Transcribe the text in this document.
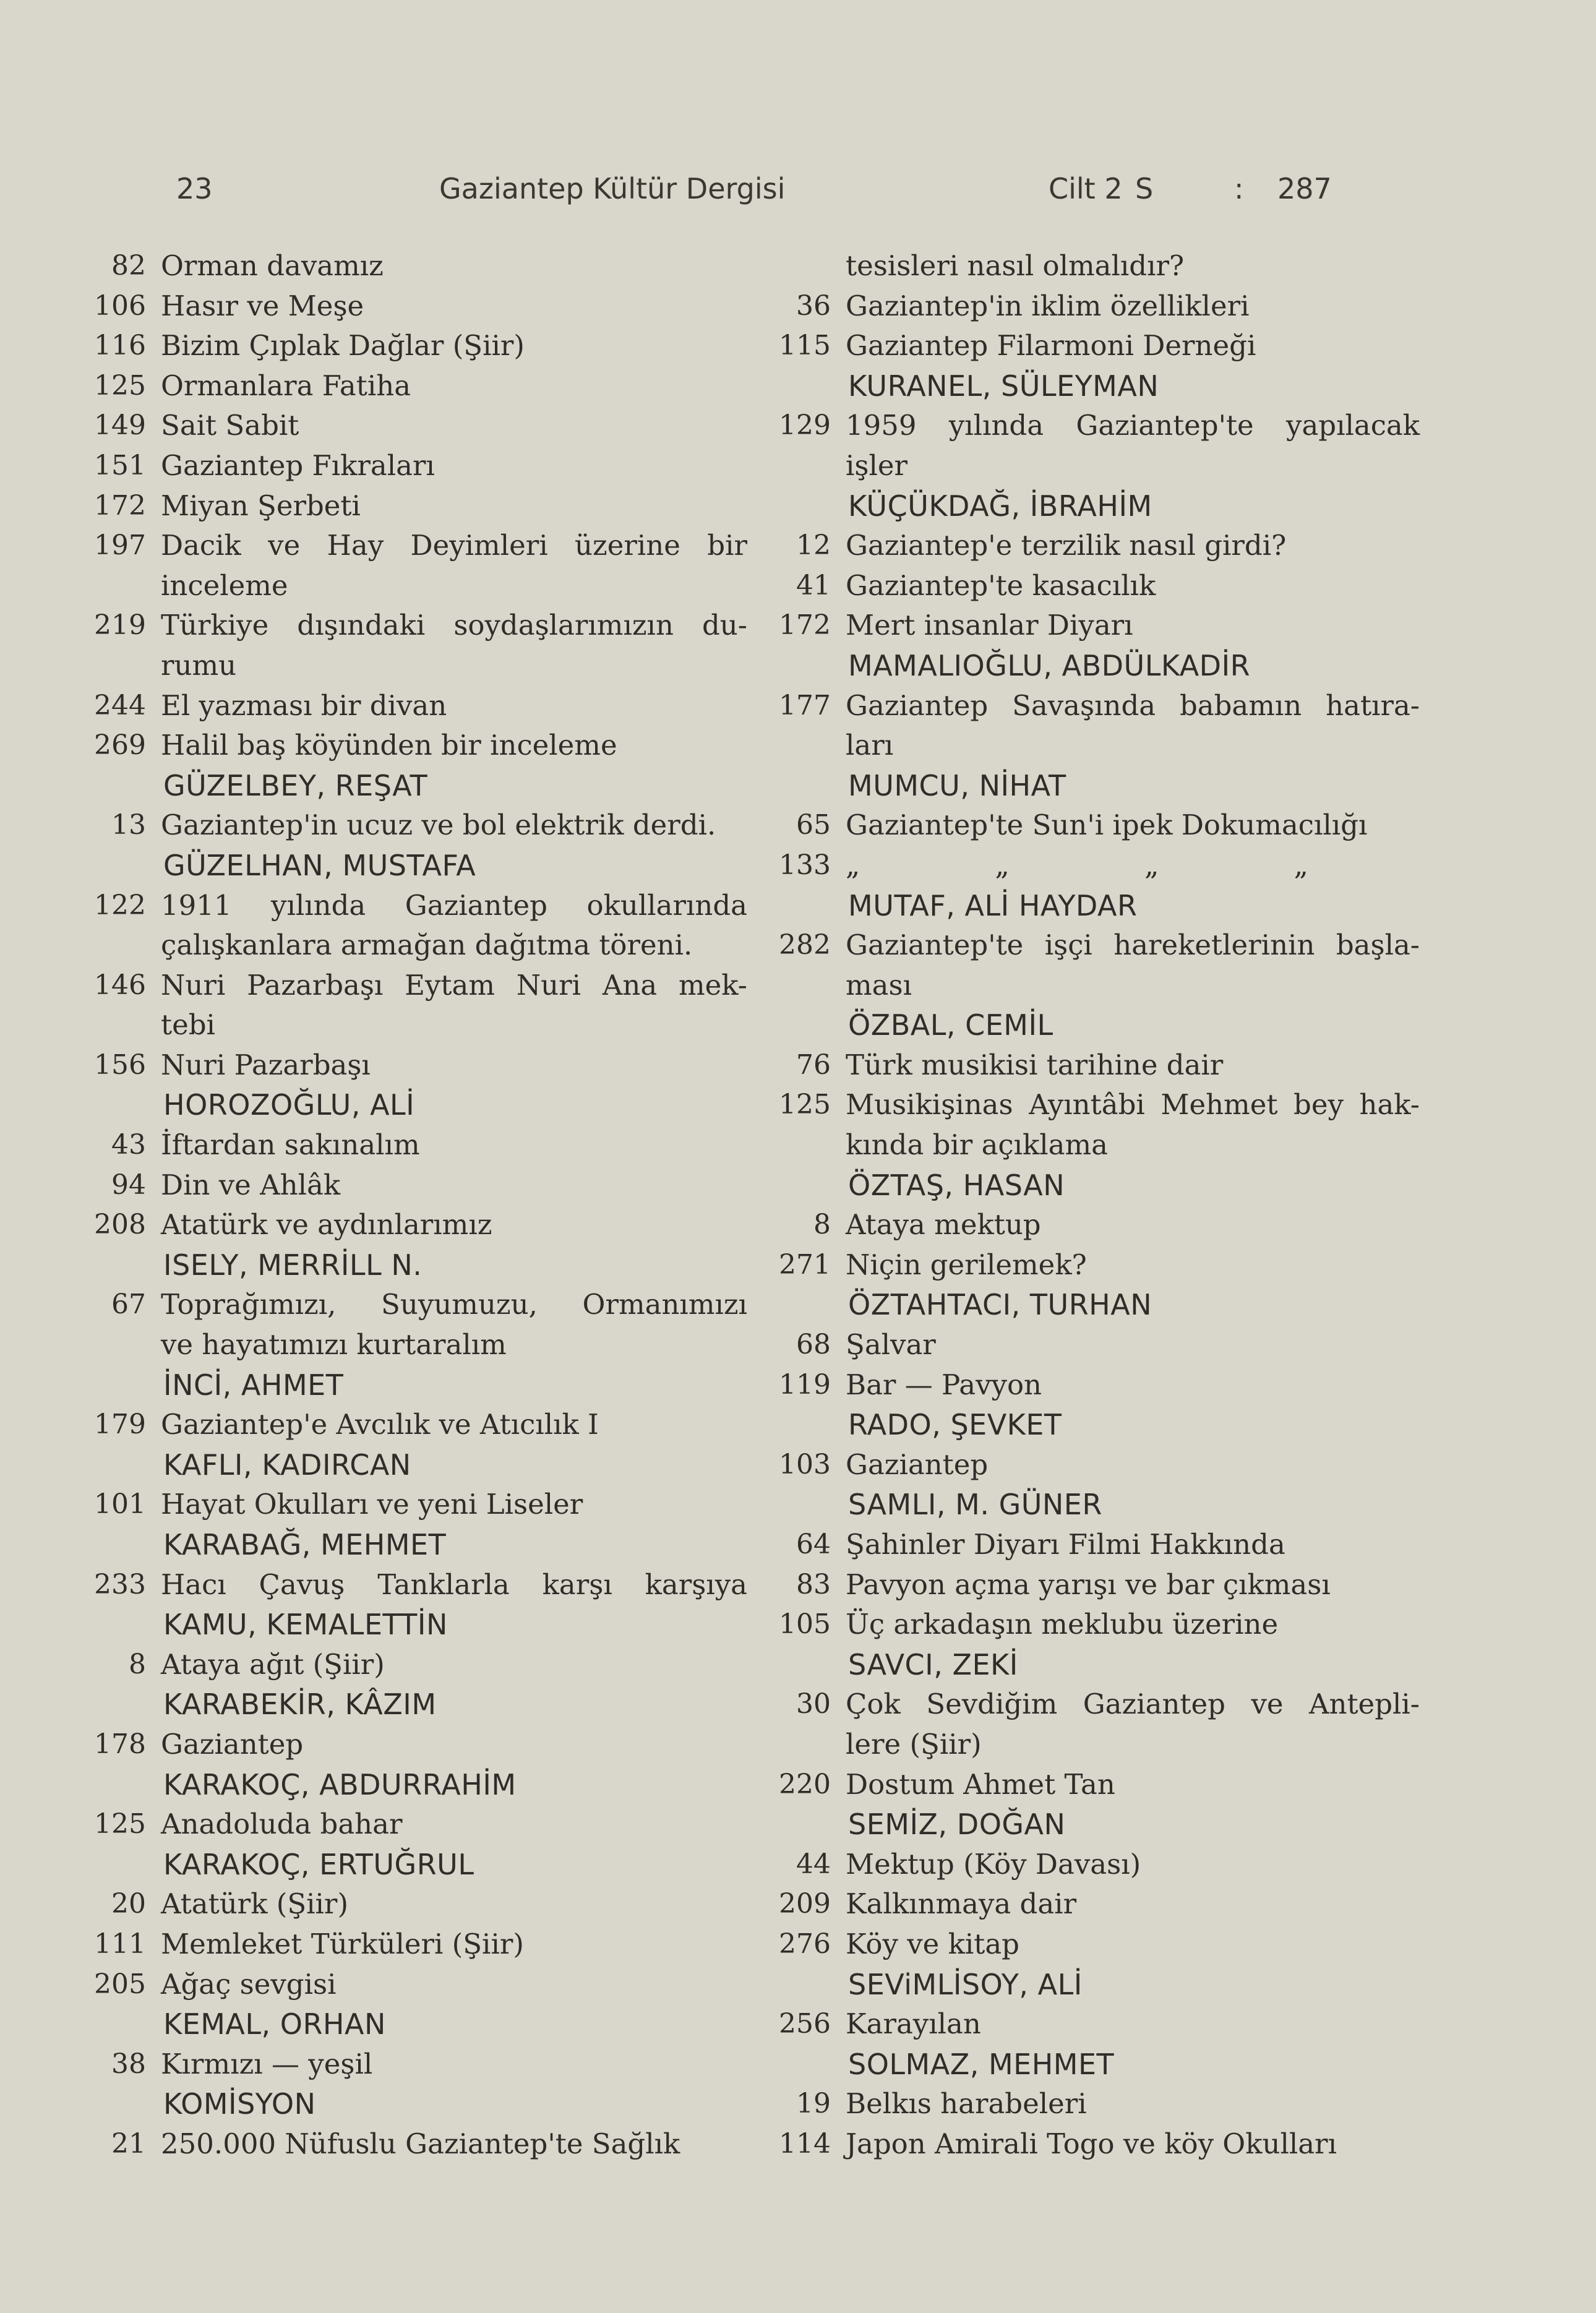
23	Gaziantep Kültür Dergisi	Cilt 2 S	: 287
82 Orman davamız
106 Hasır ve Meşe
116 Bizim Çıplak Dağlar (Şiir)
125 Ormanlara Fatiha
149 Sait Sabit
151 Gaziantep Fıkraları
172 Miyan Şerbeti
197 Dacik ve Hay Deyimleri üzerine bir
inceleme
219 Türkiye dışındaki soydaşlarımızın du-
rumu
244 El yazması bir divan
269 Halil baş köyünden bir inceleme
GÜZELBEY, REŞAT
13 Gaziantep'in ucuz ve bol elektrik derdi.
GÜZELHAN, MUSTAFA
122 1911 yılında Gaziantep okullarında
çalışkanlara armağan dağıtma töreni.
146 Nuri Pazarbaşı Eytam Nuri Ana mek-
tebi
156 Nuri Pazarbaşı
HOROZOĞLU, ALİ
43 İftardan sakınalım
94 Din ve Ahlâk
208 Atatürk ve aydınlarımız
ISELY, MERRİLL N.
67 Toprağımızı, Suyumuzu, Ormanımızı
ve hayatımızı kurtaralım
İNCİ, AHMET
179 Gaziantep'e Avcılık ve Atıcılık I
KAFLI, KADIRCAN
101 Hayat Okulları ve yeni Liseler
KARABAĞ, MEHMET
233 Hacı Çavuş Tanklarla karşı karşıya
KAMU, KEMALETTİN
8 Ataya ağıt (Şiir)
KARABEKİR, KÂZIM
178 Gaziantep
KARAKOÇ, ABDURRAHİM
125 Anadoluda bahar
KARAKOÇ, ERTUĞRUL
20 Atatürk (Şiir)
111 Memleket Türküleri (Şiir)
205 Ağaç sevgisi
KEMAL, ORHAN
38 Kırmızı — yeşil
KOMİSYON
21 250.000 Nüfuslu Gaziantep'te Sağlık
tesisleri nasıl olmalıdır?
36 Gaziantep'in iklim özellikleri
115 Gaziantep Filarmoni Derneği
KURANEL, SÜLEYMAN
129 1959 yılında Gaziantep'te yapılacak
işler
KÜÇÜKDAĞ, İBRAHİM
12 Gaziantep'e terzilik nasıl girdi?
41 Gaziantep'te kasacılık
172 Mert insanlar Diyarı
MAMALIOĞLU, ABDÜLKADİR
177 Gaziantep Savaşında babamın hatıra-
ları
MUMCU, NİHAT
65 Gaziantep'te Sun'i ipek Dokumacılığı
133 „	„	„	„
MUTAF, ALİ HAYDAR
282 Gaziantep'te işçi hareketlerinin başla-
ması
ÖZBAL, CEMİL
76 Türk musikisi tarihine dair
125 Musikişinas Ayıntâbi Mehmet bey hak-
kında bir açıklama
ÖZTAŞ, HASAN
8 Ataya mektup
271 Niçin gerilemek?
ÖZTAHTACI, TURHAN
68 Şalvar
119 Bar — Pavyon
RADO, ŞEVKET
103 Gaziantep
SAMLI, M. GÜNER
64 Şahinler Diyarı Filmi Hakkında
83 Pavyon açma yarışı ve bar çıkması
105 Üç arkadaşın meklubu üzerine
SAVCI, ZEKİ
30 Çok Sevdiğim Gaziantep ve Antepli-
lere (Şiir)
220 Dostum Ahmet Tan
SEMİZ, DOĞAN
44 Mektup (Köy Davası)
209 Kalkınmaya dair
276 Köy ve kitap
SEViMLİSOY, ALİ
256 Karayılan
SOLMAZ, MEHMET
19 Belkıs harabeleri
114 Japon Amirali Togo ve köy Okulları
